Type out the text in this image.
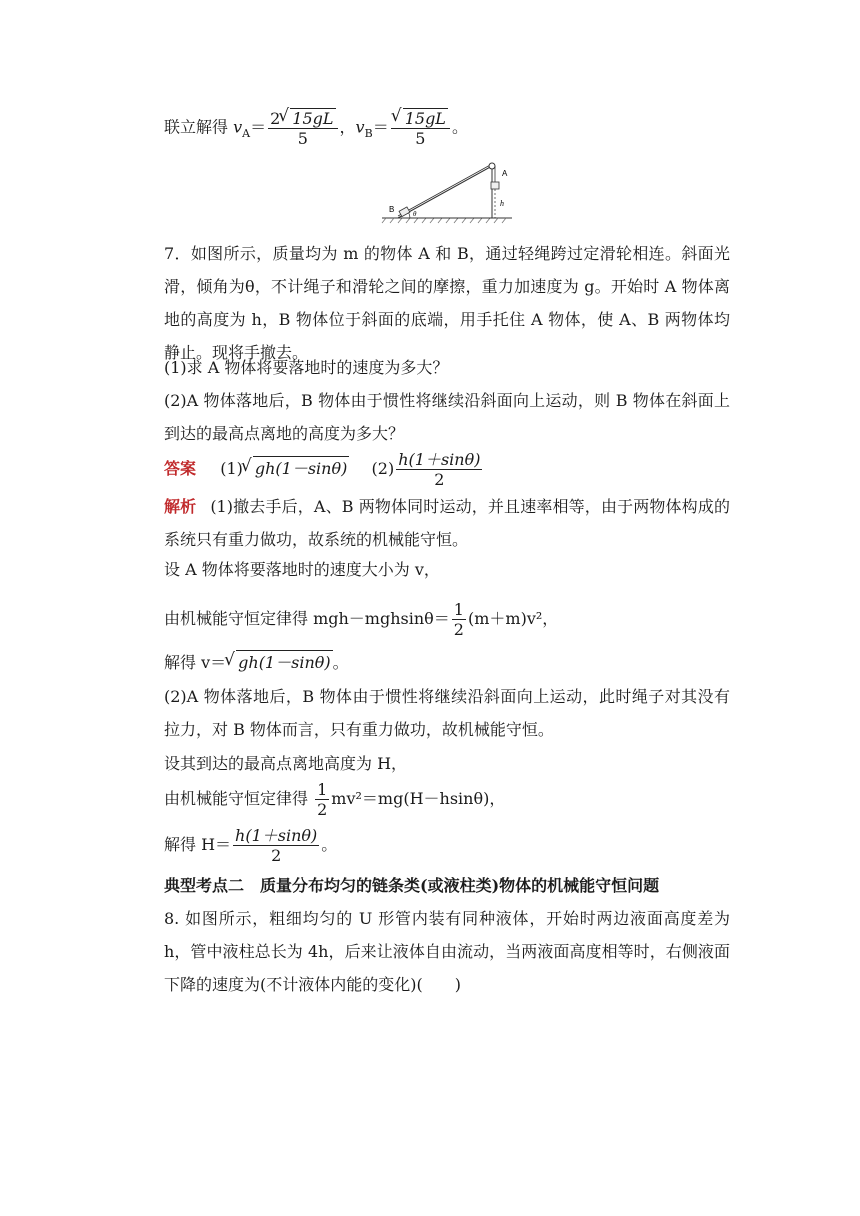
联立解得 $v_A= \frac{2 √ 15gL}{5}$ ，$v_B=$ √ $\frac{15gL}{5}$ 。
A
B
h
θ
7．如图所示，质量均为 m 的物体 A 和 B，通过轻绳跨过定滑轮相连。斜面光滑，倾角为θ，不计绳子和滑轮之间的摩擦，重力加速度为 g。开始时 A 物体离地的高度为 h，B 物体位于斜面的底端，用手托住 A 物体，使 A、B 两物体均静止。现将手撤去。
(1)求 A 物体将要落地时的速度为多大？
(2)A 物体落地后，B 物体由于惯性将继续沿斜面向上运动，则 B 物体在斜面上到达的最高点离地的高度为多大？
答案 (1) √ gh(1－sinθ) $(2) \frac{h(1+\sin\theta)}{2}$
解析 (1)撤去手后，A、B 两物体同时运动，并且速率相等，由于两物体构成的系统只有重力做功，故系统的机械能守恒。
设 A 物体将要落地时的速度大小为 v，
由机械能守恒定律得 $mgh-mghsin\theta= \frac{1}{2} (m+m)v^2$，
解得 v＝ √ gh(1－sinθ) 。
(2)A 物体落地后，B 物体由于惯性将继续沿斜面向上运动，此时绳子对其没有拉力，对 B 物体而言，只有重力做功，故机械能守恒。
设其到达的最高点离地高度为 H，
由机械能守恒定律得 $\frac{1}{2} mv^2=mg(H-hsin\theta)$，
解得 $H= \frac{h(1+\sin\theta)}{2}$ 。
典型考点二　质量分布均匀的链条类(或液柱类)物体的机械能守恒问题
8. 如图所示，粗细均匀的 U 形管内装有同种液体，开始时两边液面高度差为 h，管中液柱总长为 4h，后来让液体自由流动，当两液面高度相等时，右侧液面下降的速度为(不计液体内能的变化)(　　)
